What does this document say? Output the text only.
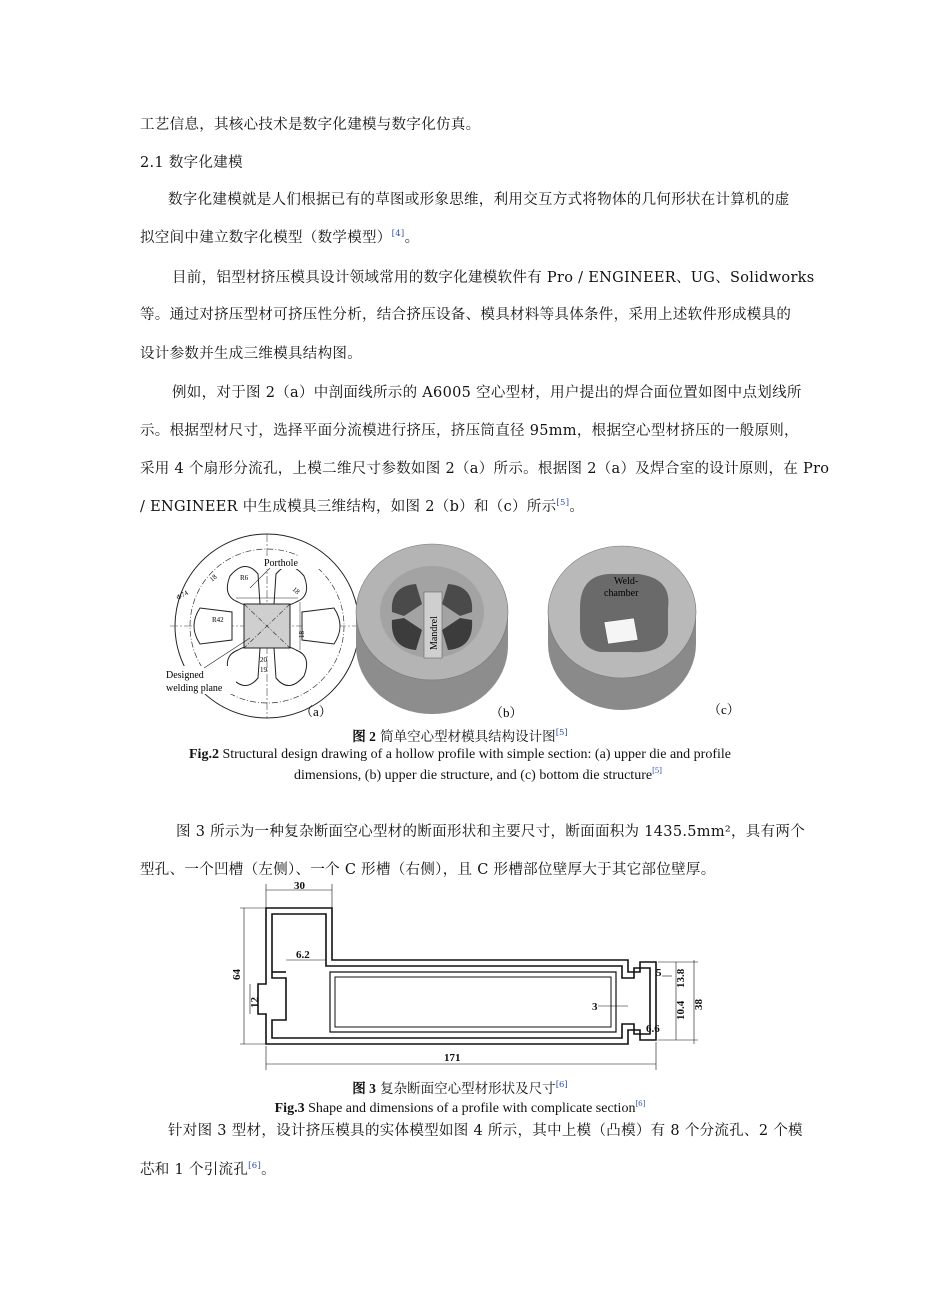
工艺信息，其核心技术是数字化建模与数字化仿真。
2.1 数字化建模
数字化建模就是人们根据已有的草图或形象思维，利用交互方式将物体的几何形状在计算机的虚
拟空间中建立数字化模型（数学模型）[4]。
目前，铝型材挤压模具设计领域常用的数字化建模软件有 Pro / ENGINEER、UG、Solidworks
等。通过对挤压型材可挤压性分析，结合挤压设备、模具材料等具体条件，采用上述软件形成模具的
设计参数并生成三维模具结构图。
例如，对于图 2（a）中剖面线所示的 A6005 空心型材，用户提出的焊合面位置如图中点划线所
示。根据型材尺寸，选择平面分流模进行挤压，挤压筒直径 95mm，根据空心型材挤压的一般原则，
采用 4 个扇形分流孔，上模二维尺寸参数如图 2（a）所示。根据图 2（a）及焊合室的设计原则，在 Pro
/ ENGINEER 中生成模具三维结构，如图 2（b）和（c）所示[5]。
Φ74
18	R6
R42
18
18
20
19
Porthole
Designed
welding plane
（a）
Mandrel
（b）
Weld-
chamber
（c）
图 2 简单空心型材模具结构设计图[5]
Fig.2 Structural design drawing of a hollow profile with simple section: (a) upper die and profile
dimensions, (b) upper die structure, and (c) bottom die structure[5]
图 3 所示为一种复杂断面空心型材的断面形状和主要尺寸，断面面积为 1435.5mm²，具有两个
型孔、一个凹槽（左侧）、一个 C 形槽（右侧），且 C 形槽部位壁厚大于其它部位壁厚。
30
64
6.2
12
171
5 13.8
3	10.4
6.6
38
图 3 复杂断面空心型材形状及尺寸[6]
Fig.3 Shape and dimensions of a profile with complicate section[6]
针对图 3 型材，设计挤压模具的实体模型如图 4 所示，其中上模（凸模）有 8 个分流孔、2 个模
芯和 1 个引流孔[6]。
